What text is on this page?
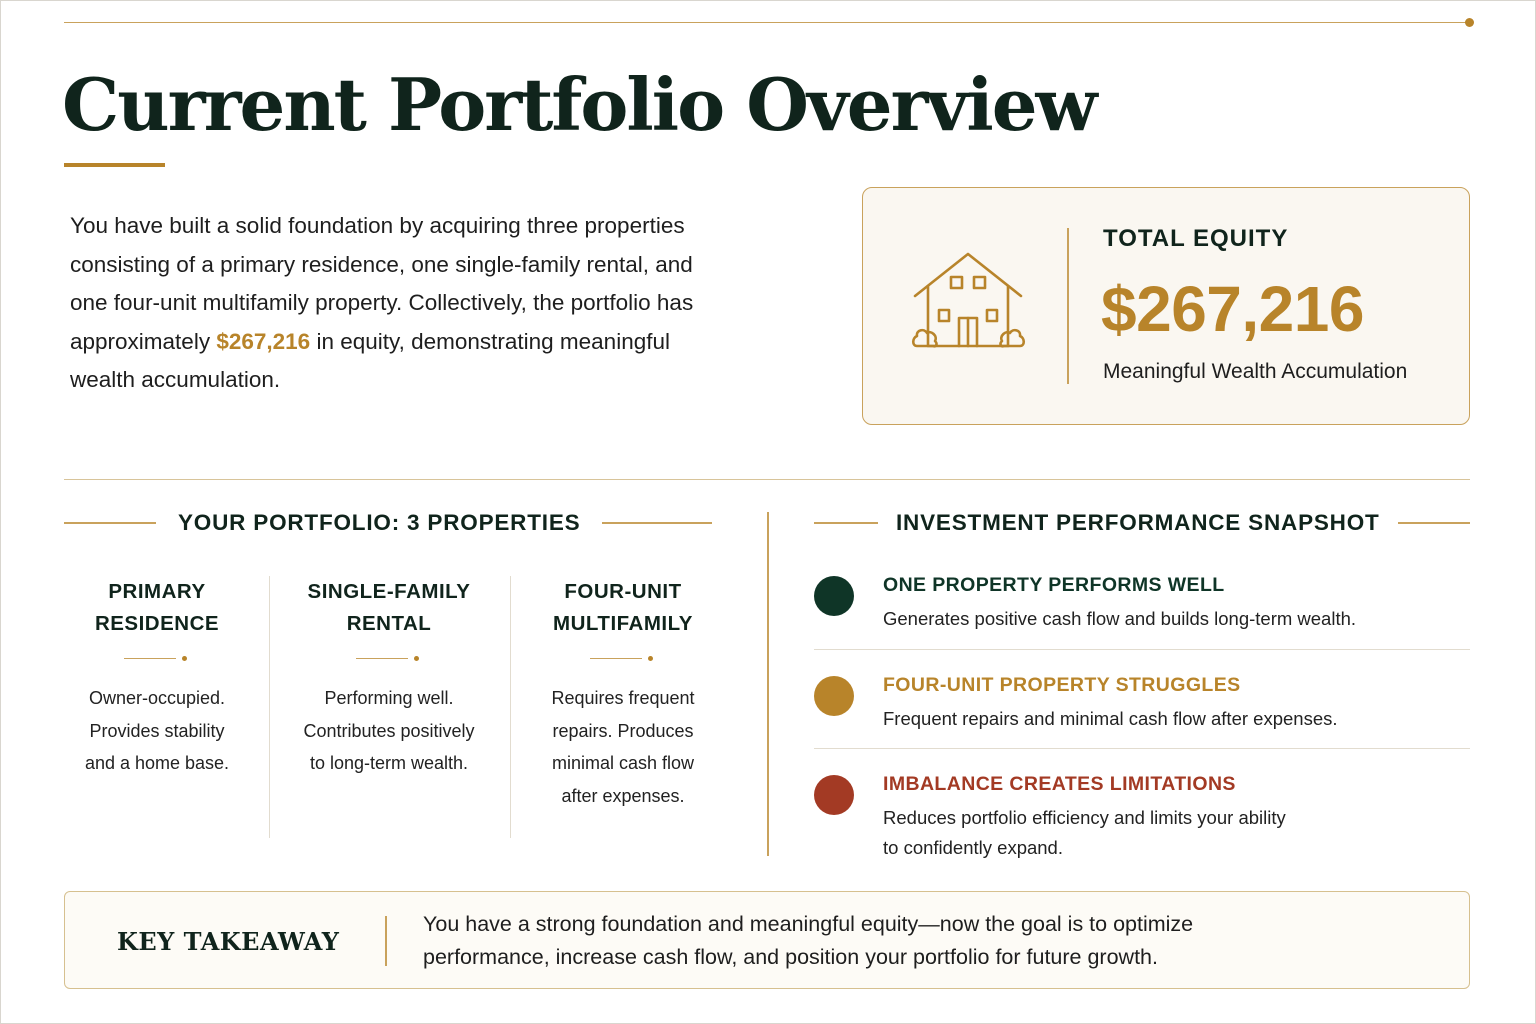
Current Portfolio Overview

You have built a solid foundation by acquiring three properties consisting of a primary residence, one single-family rental, and one four-unit multifamily property. Collectively, the portfolio has approximately $267,216 in equity, demonstrating meaningful wealth accumulation.

TOTAL EQUITY
$267,216
Meaningful Wealth Accumulation
YOUR PORTFOLIO: 3 PROPERTIES
PRIMARY
RESIDENCE
Owner-occupied.
Provides stability
and a home base.
SINGLE-FAMILY
RENTAL
Performing well.
Contributes positively
to long-term wealth.
FOUR-UNIT
MULTIFAMILY
Requires frequent
repairs. Produces
minimal cash flow
after expenses.
INVESTMENT PERFORMANCE SNAPSHOT
ONE PROPERTY PERFORMS WELL
Generates positive cash flow and builds long-term wealth.
FOUR-UNIT PROPERTY STRUGGLES
Frequent repairs and minimal cash flow after expenses.
IMBALANCE CREATES LIMITATIONS
Reduces portfolio efficiency and limits your ability
to confidently expand.
KEY TAKEAWAY
You have a strong foundation and meaningful equity—now the goal is to optimize
performance, increase cash flow, and position your portfolio for future growth.
